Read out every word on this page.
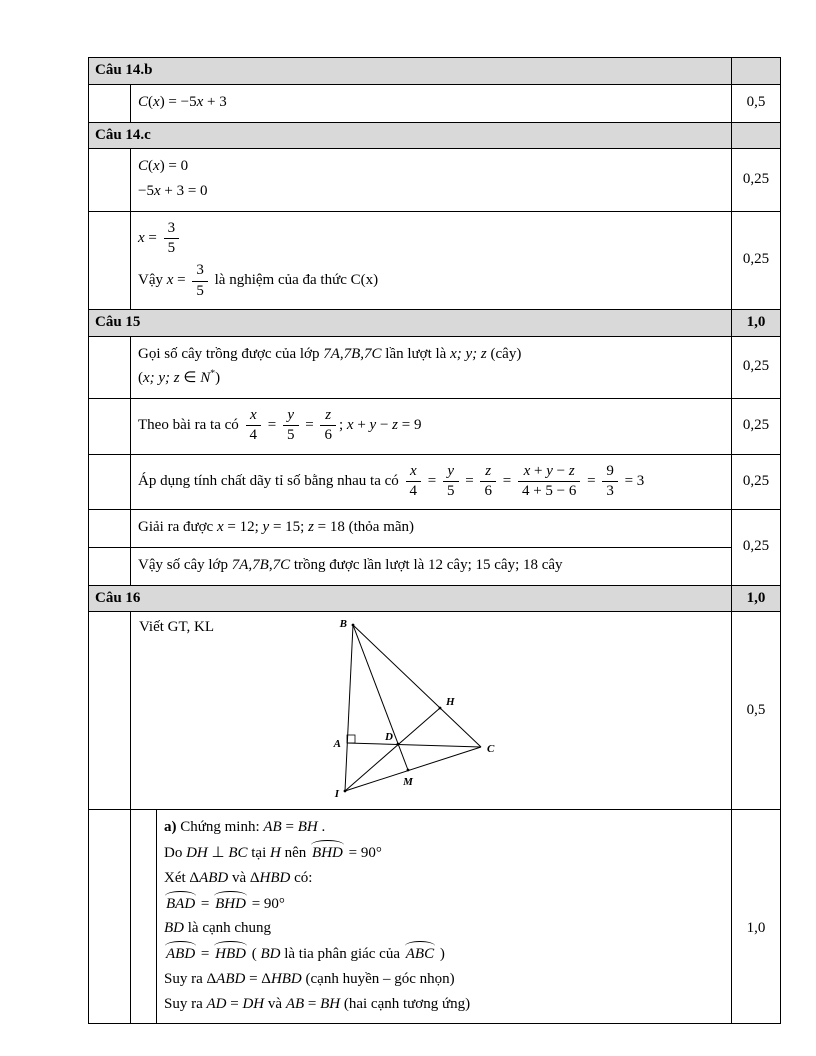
Câu 14.b			

	C(x) = −5x + 3		0,5
Câu 14.c			

	C(x) = 0
−5x + 3 = 0		0,25

$x = \frac{3}{5}$
Vậy $x = \frac{3}{5}$ là nghiệm của đa thức C(x)
	0,25
Câu 15			1,0

	Gọi số cây trồng được của lớp 7A,7B,7C lần lượt là x; y; z (cây)
(x; y; z ∈ N*)		0,25

Theo bài ra ta có $\frac{x}{4} = \frac{y}{5} = \frac{z}{6}$ ; x + y − z = 9	0,25

Áp dụng tính chất dãy tỉ số bằng nhau ta có $\frac{x}{4} = \frac{y}{5} = \frac{z}{6} = \frac{x + y - z}{4 + 5 - 6} = \frac{9}{3} = 3$	0,25

	Giải ra được x = 12; y = 15; z = 18 (thỏa mãn)		0,25

	Vậy số cây lớp 7A,7B,7C trồng được lần lượt là 12 cây; 15 cây; 18 cây		

Câu 16			1,0

Viết GT, KL	B
H
A
D
C
M
I
	0,5

a) Chứng minh: AB = BH .
Do DH ⊥ BC tại H nên BHD = 90°
Xét ΔABD và ΔHBD có:
BAD = BHD = 90°
BD là cạnh chung
ABD = HBD ( BD là tia phân giác của ABC )
Suy ra ΔABD = ΔHBD (cạnh huyền – góc nhọn)
Suy ra AD = DH và AB = BH (hai cạnh tương ứng)
	1,0
